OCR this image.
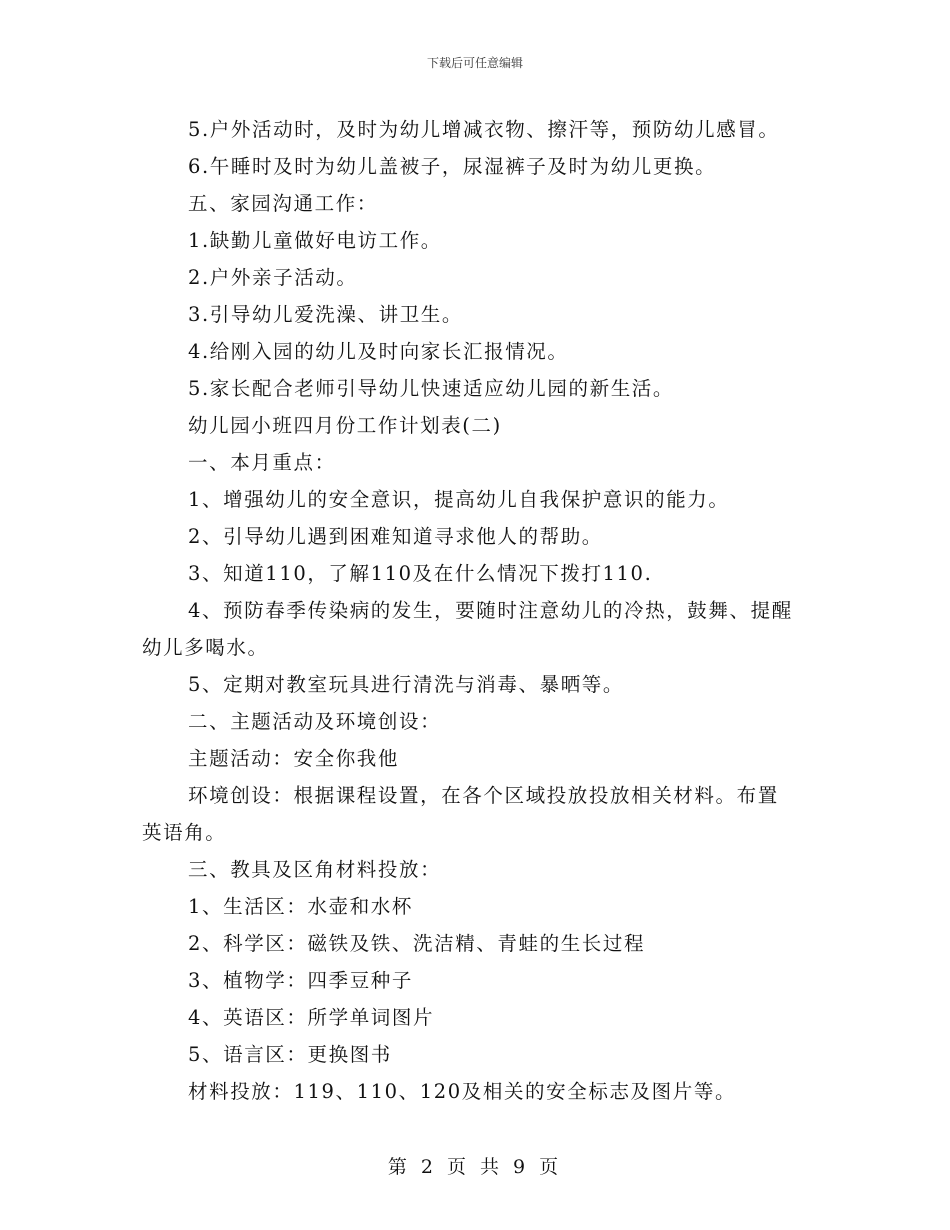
下载后可任意编辑
5.户外活动时，及时为幼儿增减衣物、擦汗等，预防幼儿感冒。
6.午睡时及时为幼儿盖被子，尿湿裤子及时为幼儿更换。
五、家园沟通工作：
1.缺勤儿童做好电访工作。
2.户外亲子活动。
3.引导幼儿爱洗澡、讲卫生。
4.给刚入园的幼儿及时向家长汇报情况。
5.家长配合老师引导幼儿快速适应幼儿园的新生活。
幼儿园小班四月份工作计划表(二)
一、本月重点：
1、增强幼儿的安全意识，提高幼儿自我保护意识的能力。
2、引导幼儿遇到困难知道寻求他人的帮助。
3、知道110，了解110及在什么情况下拨打110.
4、预防春季传染病的发生，要随时注意幼儿的冷热，鼓舞、提醒
幼儿多喝水。
5、定期对教室玩具进行清洗与消毒、暴晒等。
二、主题活动及环境创设：
主题活动：安全你我他
环境创设：根据课程设置，在各个区域投放投放相关材料。布置
英语角。
三、教具及区角材料投放：
1、生活区：水壶和水杯
2、科学区：磁铁及铁、洗洁精、青蛙的生长过程
3、植物学：四季豆种子
4、英语区：所学单词图片
5、语言区：更换图书
材料投放：119、110、120及相关的安全标志及图片等。
第 2 页 共 9 页
